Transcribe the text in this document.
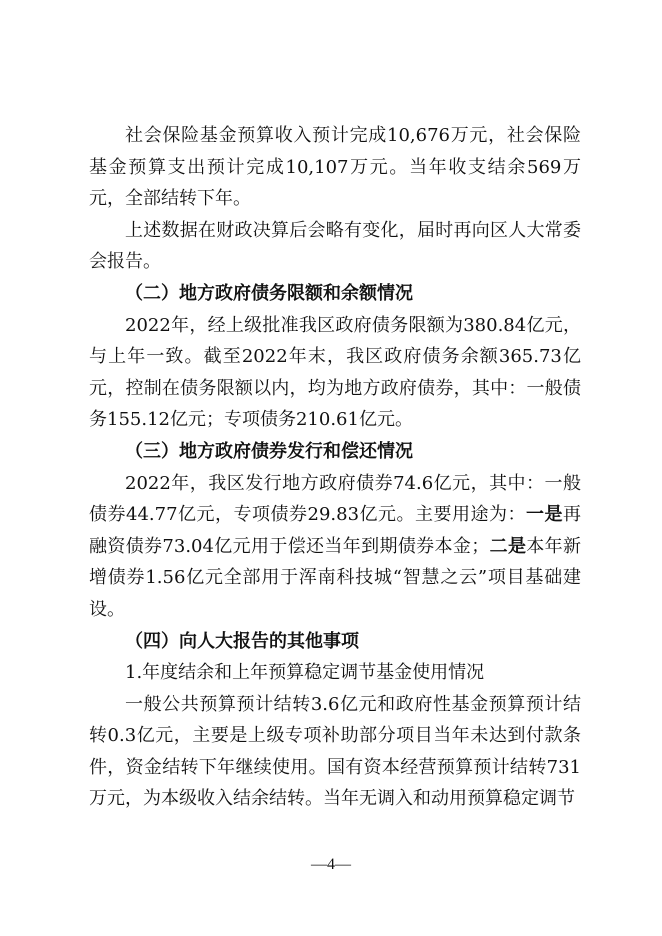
社会保险基金预算收入预计完成10,676万元，社会保险基金预算支出预计完成10,107万元。当年收支结余569万元，全部结转下年。

上述数据在财政决算后会略有变化，届时再向区人大常委会报告。

（二）地方政府债务限额和余额情况

2022年，经上级批准我区政府债务限额为380.84亿元，与上年一致。截至2022年末，我区政府债务余额365.73亿元，控制在债务限额以内，均为地方政府债券，其中：一般债务155.12亿元；专项债务210.61亿元。

（三）地方政府债券发行和偿还情况

2022年，我区发行地方政府债券74.6亿元，其中：一般债券44.77亿元，专项债券29.83亿元。主要用途为：一是再融资债券73.04亿元用于偿还当年到期债券本金；二是本年新增债券1.56亿元全部用于浑南科技城“智慧之云”项目基础建设。

（四）向人大报告的其他事项

1.年度结余和上年预算稳定调节基金使用情况

一般公共预算预计结转3.6亿元和政府性基金预算预计结转0.3亿元，主要是上级专项补助部分项目当年未达到付款条件，资金结转下年继续使用。国有资本经营预算预计结转731万元，为本级收入结余结转。当年无调入和动用预算稳定调节

—4—
